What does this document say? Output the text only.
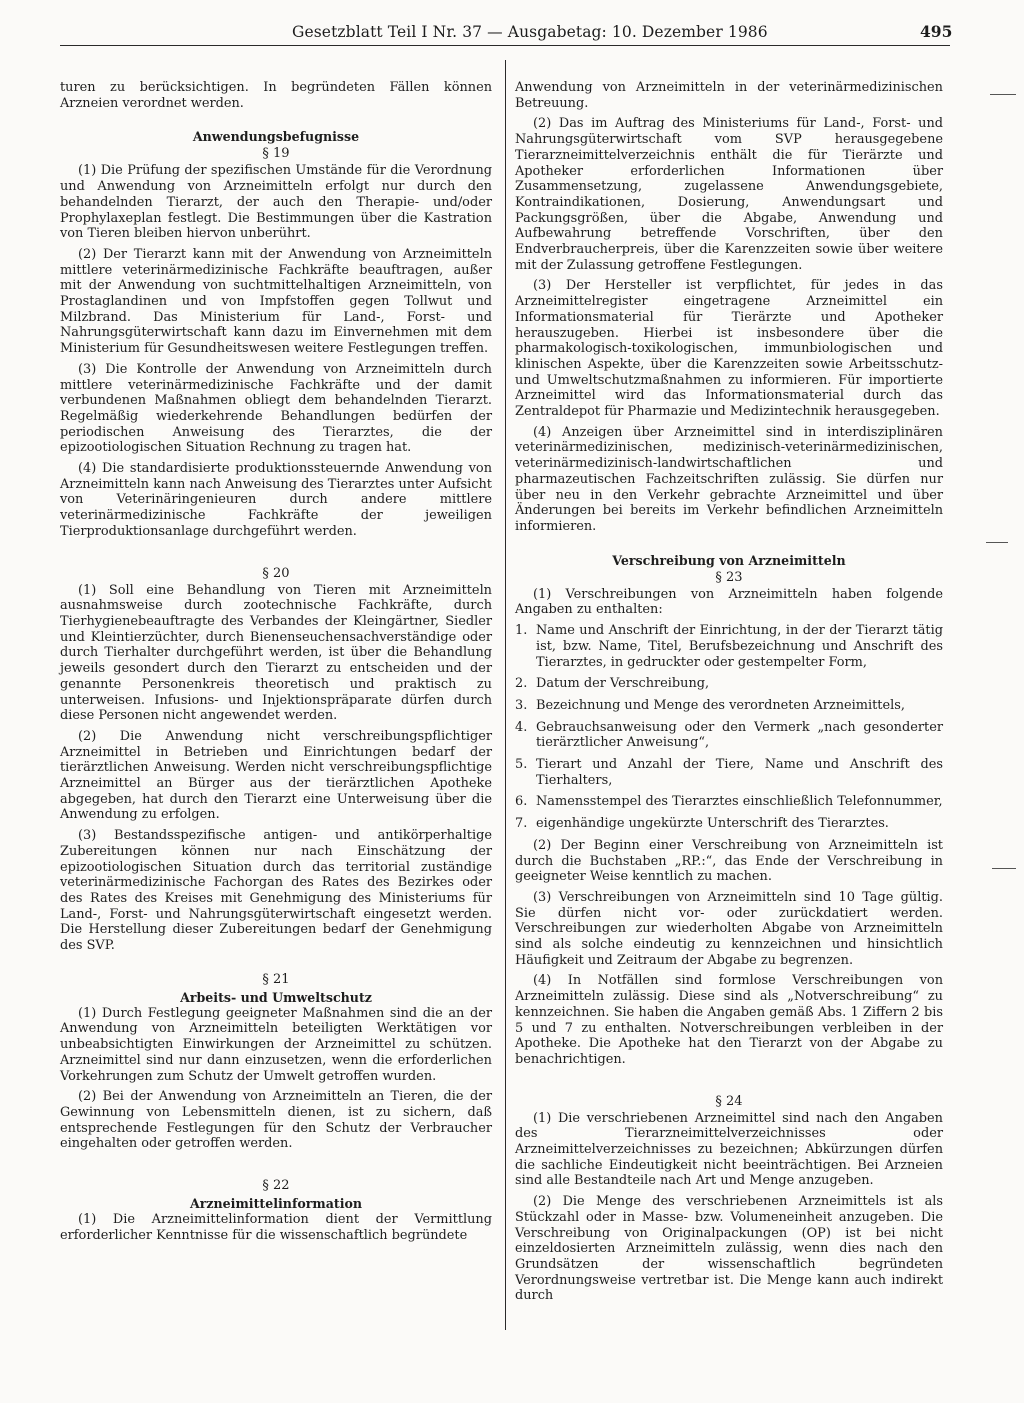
Gesetzblatt Teil I Nr. 37 — Ausgabetag: 10. Dezember 1986	495

turen zu berücksichtigen. In begründeten Fällen können Arzneien verordnet werden.

Anwendungsbefugnisse
§ 19

(1) Die Prüfung der spezifischen Umstände für die Verordnung und Anwendung von Arzneimitteln erfolgt nur durch den behandelnden Tierarzt, der auch den Therapie- und/oder Prophylaxeplan festlegt. Die Bestimmungen über die Kastration von Tieren bleiben hiervon unberührt.

(2) Der Tierarzt kann mit der Anwendung von Arzneimitteln mittlere veterinärmedizinische Fachkräfte beauftragen, außer mit der Anwendung von suchtmittelhaltigen Arzneimitteln, von Prostaglandinen und von Impfstoffen gegen Tollwut und Milzbrand. Das Ministerium für Land-, Forst- und Nahrungsgüterwirtschaft kann dazu im Einvernehmen mit dem Ministerium für Gesundheitswesen weitere Festlegungen treffen.

(3) Die Kontrolle der Anwendung von Arzneimitteln durch mittlere veterinärmedizinische Fachkräfte und der damit verbundenen Maßnahmen obliegt dem behandelnden Tierarzt. Regelmäßig wiederkehrende Behandlungen bedürfen der periodischen Anweisung des Tierarztes, die der epizootiologischen Situation Rechnung zu tragen hat.

(4) Die standardisierte produktionssteuernde Anwendung von Arzneimitteln kann nach Anweisung des Tierarztes unter Aufsicht von Veterinäringenieuren durch andere mittlere veterinärmedizinische Fachkräfte der jeweiligen Tierproduktionsanlage durchgeführt werden.

§ 20

(1) Soll eine Behandlung von Tieren mit Arzneimitteln ausnahmsweise durch zootechnische Fachkräfte, durch Tierhygienebeauftragte des Verbandes der Kleingärtner, Siedler und Kleintierzüchter, durch Bienenseuchensachverständige oder durch Tierhalter durchgeführt werden, ist über die Behandlung jeweils gesondert durch den Tierarzt zu entscheiden und der genannte Personenkreis theoretisch und praktisch zu unterweisen. Infusions- und Injektionspräparate dürfen durch diese Personen nicht angewendet werden.

(2) Die Anwendung nicht verschreibungspflichtiger Arzneimittel in Betrieben und Einrichtungen bedarf der tierärztlichen Anweisung. Werden nicht verschreibungspflichtige Arzneimittel an Bürger aus der tierärztlichen Apotheke abgegeben, hat durch den Tierarzt eine Unterweisung über die Anwendung zu erfolgen.

(3) Bestandsspezifische antigen- und antikörperhaltige Zubereitungen können nur nach Einschätzung der epizootiologischen Situation durch das territorial zuständige veterinärmedizinische Fachorgan des Rates des Bezirkes oder des Rates des Kreises mit Genehmigung des Ministeriums für Land-, Forst- und Nahrungsgüterwirtschaft eingesetzt werden. Die Herstellung dieser Zubereitungen bedarf der Genehmigung des SVP.

§ 21
Arbeits- und Umweltschutz

(1) Durch Festlegung geeigneter Maßnahmen sind die an der Anwendung von Arzneimitteln beteiligten Werktätigen vor unbeabsichtigten Einwirkungen der Arzneimittel zu schützen. Arzneimittel sind nur dann einzusetzen, wenn die erforderlichen Vorkehrungen zum Schutz der Umwelt getroffen wurden.

(2) Bei der Anwendung von Arzneimitteln an Tieren, die der Gewinnung von Lebensmitteln dienen, ist zu sichern, daß entsprechende Festlegungen für den Schutz der Verbraucher eingehalten oder getroffen werden.

§ 22
Arzneimittelinformation

(1) Die Arzneimittelinformation dient der Vermittlung erforderlicher Kenntnisse für die wissenschaftlich begründete

Anwendung von Arzneimitteln in der veterinärmedizinischen Betreuung.

(2) Das im Auftrag des Ministeriums für Land-, Forst- und Nahrungsgüterwirtschaft vom SVP herausgegebene Tierarzneimittelverzeichnis enthält die für Tierärzte und Apotheker erforderlichen Informationen über Zusammensetzung, zugelassene Anwendungsgebiete, Kontraindikationen, Dosierung, Anwendungsart und Packungsgrößen, über die Abgabe, Anwendung und Aufbewahrung betreffende Vorschriften, über den Endverbraucherpreis, über die Karenzzeiten sowie über weitere mit der Zulassung getroffene Festlegungen.

(3) Der Hersteller ist verpflichtet, für jedes in das Arzneimittelregister eingetragene Arzneimittel ein Informationsmaterial für Tierärzte und Apotheker herauszugeben. Hierbei ist insbesondere über die pharmakologisch-toxikologischen, immunbiologischen und klinischen Aspekte, über die Karenzzeiten sowie Arbeitsschutz- und Umweltschutzmaßnahmen zu informieren. Für importierte Arzneimittel wird das Informationsmaterial durch das Zentraldepot für Pharmazie und Medizintechnik herausgegeben.

(4) Anzeigen über Arzneimittel sind in interdisziplinären veterinärmedizinischen, medizinisch-veterinärmedizinischen, veterinärmedizinisch-landwirtschaftlichen und pharmazeutischen Fachzeitschriften zulässig. Sie dürfen nur über neu in den Verkehr gebrachte Arzneimittel und über Änderungen bei bereits im Verkehr befindlichen Arzneimitteln informieren.

Verschreibung von Arzneimitteln
§ 23

(1) Verschreibungen von Arzneimitteln haben folgende Angaben zu enthalten:

1. Name und Anschrift der Einrichtung, in der der Tierarzt tätig ist, bzw. Name, Titel, Berufsbezeichnung und Anschrift des Tierarztes, in gedruckter oder gestempelter Form,
2. Datum der Verschreibung,
3. Bezeichnung und Menge des verordneten Arzneimittels,
4. Gebrauchsanweisung oder den Vermerk „nach gesonderter tierärztlicher Anweisung“,
5. Tierart und Anzahl der Tiere, Name und Anschrift des Tierhalters,
6. Namensstempel des Tierarztes einschließlich Telefonnummer,
7. eigenhändige ungekürzte Unterschrift des Tierarztes.

(2) Der Beginn einer Verschreibung von Arzneimitteln ist durch die Buchstaben „RP.:“, das Ende der Verschreibung in geeigneter Weise kenntlich zu machen.

(3) Verschreibungen von Arzneimitteln sind 10 Tage gültig. Sie dürfen nicht vor- oder zurückdatiert werden. Verschreibungen zur wiederholten Abgabe von Arzneimitteln sind als solche eindeutig zu kennzeichnen und hinsichtlich Häufigkeit und Zeitraum der Abgabe zu begrenzen.

(4) In Notfällen sind formlose Verschreibungen von Arzneimitteln zulässig. Diese sind als „Notverschreibung“ zu kennzeichnen. Sie haben die Angaben gemäß Abs. 1 Ziffern 2 bis 5 und 7 zu enthalten. Notverschreibungen verbleiben in der Apotheke. Die Apotheke hat den Tierarzt von der Abgabe zu benachrichtigen.

§ 24

(1) Die verschriebenen Arzneimittel sind nach den Angaben des Tierarzneimittelverzeichnisses oder Arzneimittelverzeichnisses zu bezeichnen; Abkürzungen dürfen die sachliche Eindeutigkeit nicht beeinträchtigen. Bei Arzneien sind alle Bestandteile nach Art und Menge anzugeben.

(2) Die Menge des verschriebenen Arzneimittels ist als Stückzahl oder in Masse- bzw. Volumeneinheit anzugeben. Die Verschreibung von Originalpackungen (OP) ist bei nicht einzeldosierten Arzneimitteln zulässig, wenn dies nach den Grundsätzen der wissenschaftlich begründeten Verordnungsweise vertretbar ist. Die Menge kann auch indirekt durch
